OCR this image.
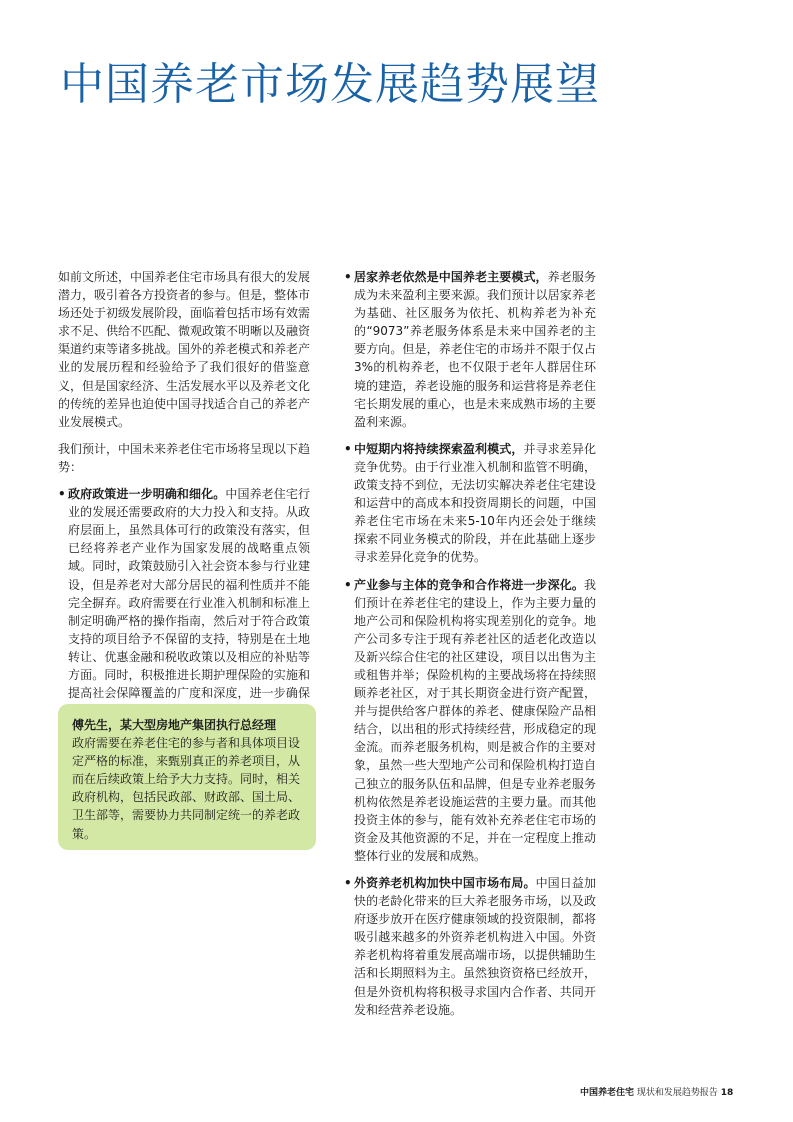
中国养老市场发展趋势展望

如前文所述，中国养老住宅市场具有很大的发展潜力，吸引着各方投资者的参与。但是，整体市场还处于初级发展阶段，面临着包括市场有效需求不足、供给不匹配、微观政策不明晰以及融资渠道约束等诸多挑战。国外的养老模式和养老产业的发展历程和经验给予了我们很好的借鉴意义，但是国家经济、生活发展水平以及养老文化的传统的差异也迫使中国寻找适合自己的养老产业发展模式。

我们预计，中国未来养老住宅市场将呈现以下趋势：

• 政府政策进一步明确和细化。中国养老住宅行业的发展还需要政府的大力投入和支持。从政府层面上，虽然具体可行的政策没有落实，但已经将养老产业作为国家发展的战略重点领域。同时，政策鼓励引入社会资本参与行业建设，但是养老对大部分居民的福利性质并不能完全摒弃。政府需要在行业准入机制和标准上制定明确严格的操作指南，然后对于符合政策支持的项目给予不保留的支持，特别是在土地转让、优惠金融和税收政策以及相应的补贴等方面。同时，积极推进长期护理保险的实施和提高社会保障覆盖的广度和深度，进一步确保
傅先生，某大型房地产集团执行总经理
政府需要在养老住宅的参与者和具体项目设定严格的标准，来甄别真正的养老项目，从而在后续政策上给予大力支持。同时，相关政府机构，包括民政部、财政部、国土局、卫生部等，需要协力共同制定统一的养老政策。
• 居家养老依然是中国养老主要模式，养老服务成为未来盈利主要来源。我们预计以居家养老为基础、社区服务为依托、机构养老为补充的“9073”养老服务体系是未来中国养老的主要方向。但是，养老住宅的市场并不限于仅占3%的机构养老，也不仅限于老年人群居住环境的建造，养老设施的服务和运营将是养老住宅长期发展的重心，也是未来成熟市场的主要盈利来源。
• 中短期内将持续探索盈利模式，并寻求差异化竞争优势。由于行业准入机制和监管不明确，政策支持不到位，无法切实解决养老住宅建设和运营中的高成本和投资周期长的问题，中国养老住宅市场在未来5-10年内还会处于继续探索不同业务模式的阶段，并在此基础上逐步寻求差异化竞争的优势。
• 产业参与主体的竞争和合作将进一步深化。我们预计在养老住宅的建设上，作为主要力量的地产公司和保险机构将实现差别化的竞争。地产公司多专注于现有养老社区的适老化改造以及新兴综合住宅的社区建设，项目以出售为主或租售并举；保险机构的主要战场将在持续照顾养老社区，对于其长期资金进行资产配置，并与提供给客户群体的养老、健康保险产品相结合，以出租的形式持续经营，形成稳定的现金流。而养老服务机构，则是被合作的主要对象，虽然一些大型地产公司和保险机构打造自己独立的服务队伍和品牌，但是专业养老服务机构依然是养老设施运营的主要力量。而其他投资主体的参与，能有效补充养老住宅市场的资金及其他资源的不足，并在一定程度上推动整体行业的发展和成熟。
• 外资养老机构加快中国市场布局。中国日益加快的老龄化带来的巨大养老服务市场，以及政府逐步放开在医疗健康领域的投资限制，都将吸引越来越多的外资养老机构进入中国。外资养老机构将着重发展高端市场，以提供辅助生活和长期照料为主。虽然独资资格已经放开，但是外资机构将积极寻求国内合作者、共同开发和经营养老设施。
中国养老住宅 现状和发展趋势报告 18
